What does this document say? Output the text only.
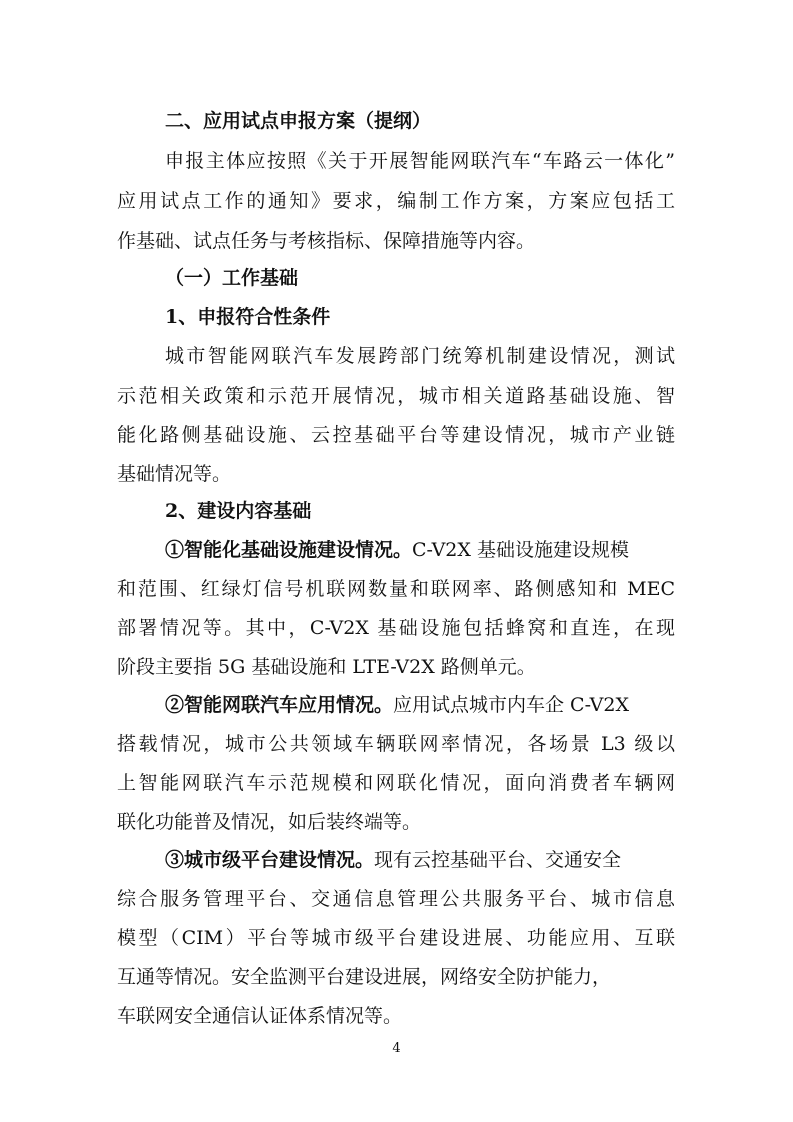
二、应用试点申报方案（提纲）
申报主体应按照《关于开展智能网联汽车“车路云一体化”
应用试点工作的通知》要求，编制工作方案，方案应包括工
作基础、试点任务与考核指标、保障措施等内容。
（一）工作基础
1、申报符合性条件
城市智能网联汽车发展跨部门统筹机制建设情况，测试
示范相关政策和示范开展情况，城市相关道路基础设施、智
能化路侧基础设施、云控基础平台等建设情况，城市产业链
基础情况等。
2、建设内容基础
①智能化基础设施建设情况。C-V2X 基础设施建设规模
和范围、红绿灯信号机联网数量和联网率、路侧感知和 MEC
部署情况等。其中，C-V2X 基础设施包括蜂窝和直连，在现
阶段主要指 5G 基础设施和 LTE-V2X 路侧单元。
②智能网联汽车应用情况。应用试点城市内车企 C-V2X
搭载情况，城市公共领域车辆联网率情况，各场景 L3 级以
上智能网联汽车示范规模和网联化情况，面向消费者车辆网
联化功能普及情况，如后装终端等。
③城市级平台建设情况。现有云控基础平台、交通安全
综合服务管理平台、交通信息管理公共服务平台、城市信息
模型（CIM）平台等城市级平台建设进展、功能应用、互联
互通等情况。安全监测平台建设进展，网络安全防护能力，
车联网安全通信认证体系情况等。
4
